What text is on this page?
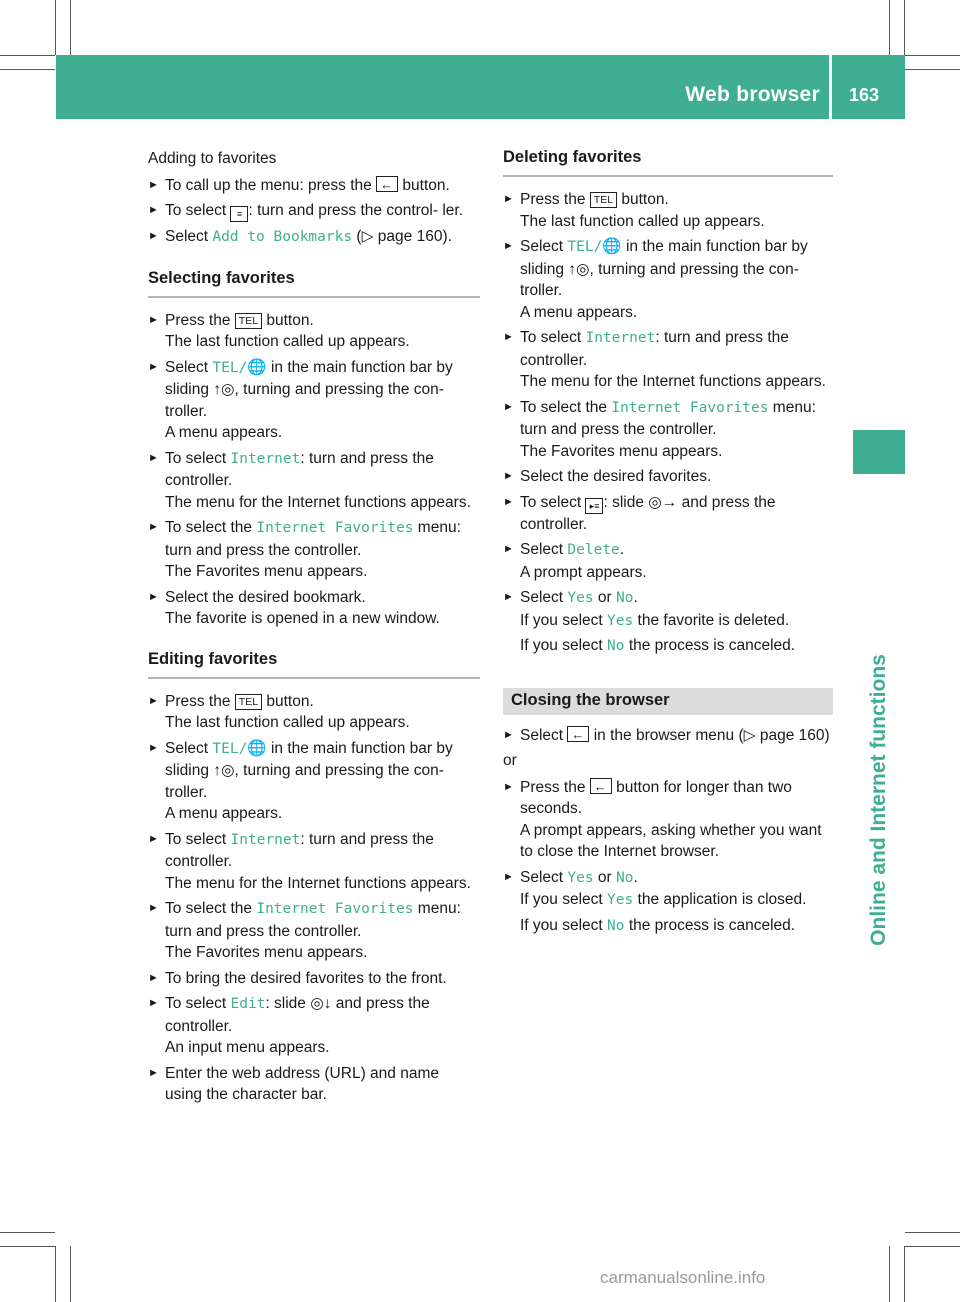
Web browser 163
Online and Internet functions

Adding to favorites

► To call up the menu: press the ← button.
► To select ≡ : turn and press the control- ler.
► Select Add to Bookmarks (▷ page 160).
Selecting favorites
► Press the TEL button.
The last function called up appears.
► Select TEL/🌐 in the main function bar by sliding ↑◎, turning and pressing the con- troller.
A menu appears.
► To select Internet: turn and press the controller.
The menu for the Internet functions appears.
► To select the Internet Favorites menu: turn and press the controller.
The Favorites menu appears.
► Select the desired bookmark.
The favorite is opened in a new window.
Editing favorites
► Press the TEL button.
The last function called up appears.
► Select TEL/🌐 in the main function bar by sliding ↑◎, turning and pressing the con- troller.
A menu appears.
► To select Internet: turn and press the controller.
The menu for the Internet functions appears.
► To select the Internet Favorites menu: turn and press the controller.
The Favorites menu appears.
► To bring the desired favorites to the front.
► To select Edit: slide ◎↓ and press the controller.
An input menu appears.
► Enter the web address (URL) and name using the character bar.
Deleting favorites
► Press the TEL button.
The last function called up appears.
► Select TEL/🌐 in the main function bar by sliding ↑◎, turning and pressing the con- troller.
A menu appears.
► To select Internet: turn and press the controller.
The menu for the Internet functions appears.
► To select the Internet Favorites menu: turn and press the controller.
The Favorites menu appears.
► Select the desired favorites.
► To select ▸≡ : slide ◎→ and press the controller.
► Select Delete.
A prompt appears.
► Select Yes or No.
If you select Yes the favorite is deleted.
If you select No the process is canceled.
Closing the browser
► Select ← in the browser menu (▷ page 160)

or

► Press the ← button for longer than two seconds.
A prompt appears, asking whether you want to close the Internet browser.
► Select Yes or No.
If you select Yes the application is closed.
If you select No the process is canceled.
carmanualsonline.info
